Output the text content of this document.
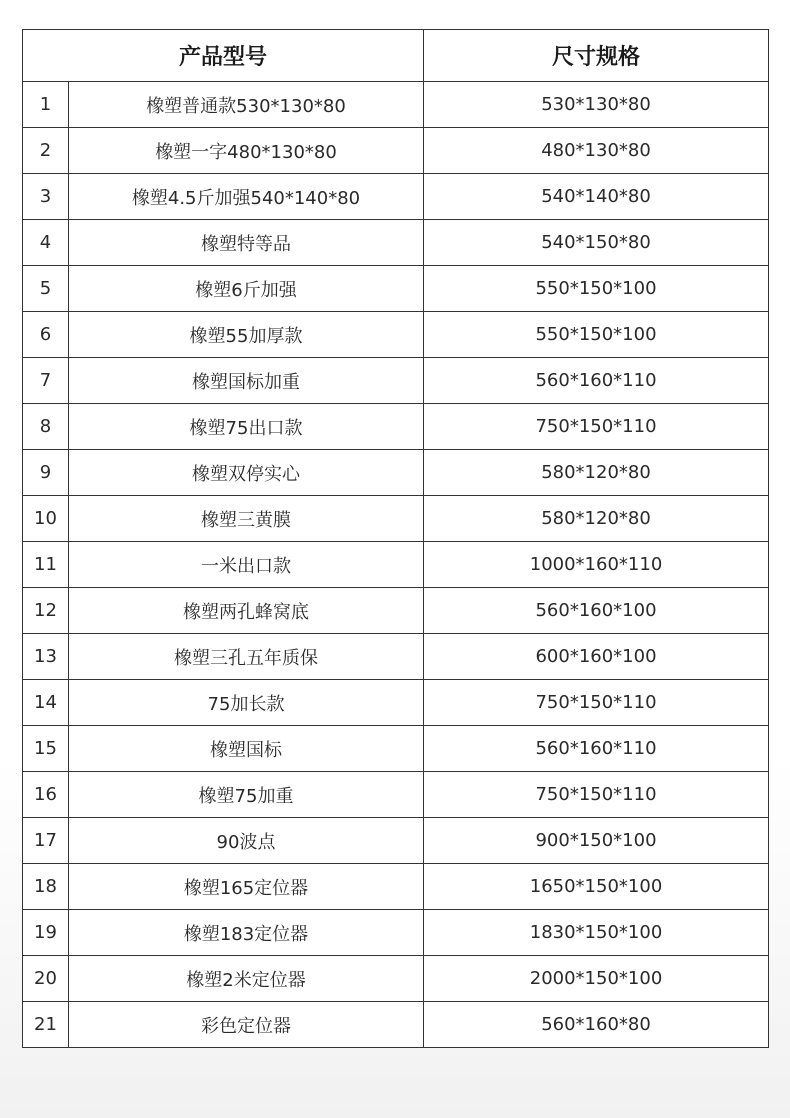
产品型号		尺寸规格
1	橡塑普通款530*130*80	530*130*80
2	橡塑一字480*130*80	480*130*80
3	橡塑4.5斤加强540*140*80	540*140*80
4	橡塑特等品	540*150*80
5	橡塑6斤加强	550*150*100
6	橡塑55加厚款	550*150*100
7	橡塑国标加重	560*160*110
8	橡塑75出口款	750*150*110
9	橡塑双停实心	580*120*80
10	橡塑三黄膜	580*120*80
11	一米出口款	1000*160*110
12	橡塑两孔蜂窝底	560*160*100
13	橡塑三孔五年质保	600*160*100
14	75加长款	750*150*110
15	橡塑国标	560*160*110
16	橡塑75加重	750*150*110
17	90波点	900*150*100
18	橡塑165定位器	1650*150*100
19	橡塑183定位器	1830*150*100
20	橡塑2米定位器	2000*150*100
21	彩色定位器	560*160*80
